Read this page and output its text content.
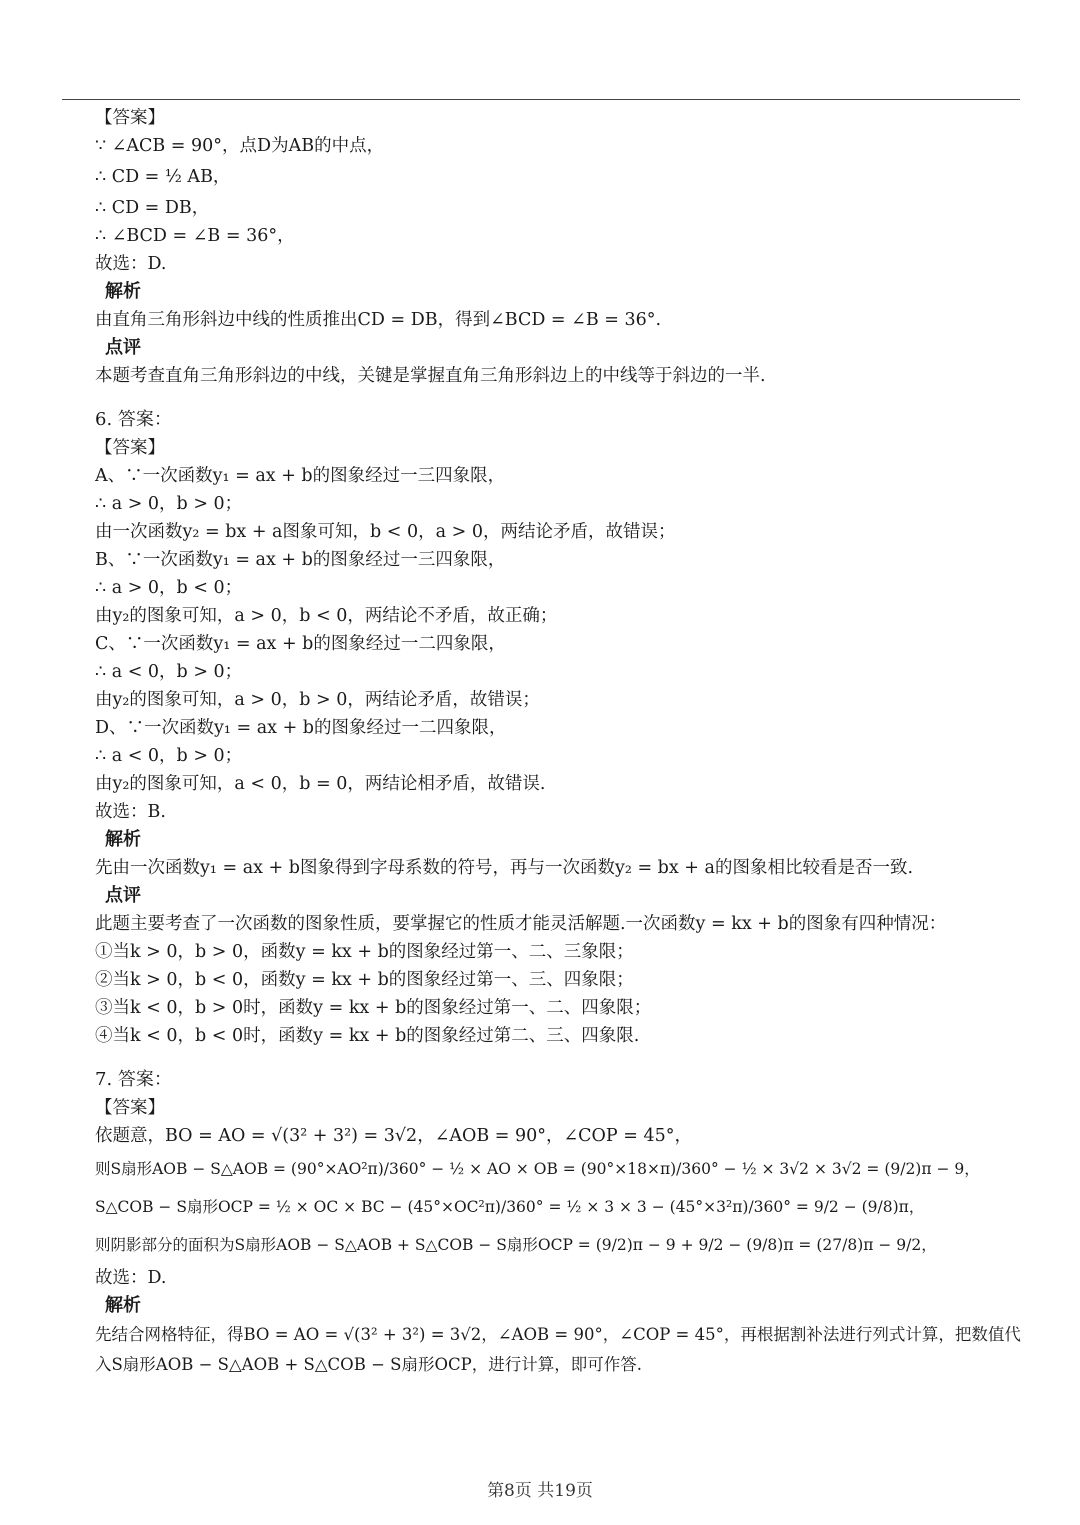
【答案】
∵ ∠ACB = 90°，点D为AB的中点，
∴ CD = ½ AB，
∴ CD = DB，
∴ ∠BCD = ∠B = 36°，
故选：D.
解析
由直角三角形斜边中线的性质推出CD = DB，得到∠BCD = ∠B = 36°.
点评
本题考查直角三角形斜边的中线，关键是掌握直角三角形斜边上的中线等于斜边的一半.
6. 答案：
【答案】
A、∵一次函数y₁ = ax + b的图象经过一三四象限，
∴ a > 0，b > 0；
由一次函数y₂ = bx + a图象可知，b < 0，a > 0，两结论矛盾，故错误；
B、∵一次函数y₁ = ax + b的图象经过一三四象限，
∴ a > 0，b < 0；
由y₂的图象可知，a > 0，b < 0，两结论不矛盾，故正确；
C、∵一次函数y₁ = ax + b的图象经过一二四象限，
∴ a < 0，b > 0；
由y₂的图象可知，a > 0，b > 0，两结论矛盾，故错误；
D、∵一次函数y₁ = ax + b的图象经过一二四象限，
∴ a < 0，b > 0；
由y₂的图象可知，a < 0，b = 0，两结论相矛盾，故错误.
故选：B.
解析
先由一次函数y₁ = ax + b图象得到字母系数的符号，再与一次函数y₂ = bx + a的图象相比较看是否一致.
点评
此题主要考查了一次函数的图象性质，要掌握它的性质才能灵活解题.一次函数y = kx + b的图象有四种情况：
①当k > 0，b > 0，函数y = kx + b的图象经过第一、二、三象限；
②当k > 0，b < 0，函数y = kx + b的图象经过第一、三、四象限；
③当k < 0，b > 0时，函数y = kx + b的图象经过第一、二、四象限；
④当k < 0，b < 0时，函数y = kx + b的图象经过第二、三、四象限.
7. 答案：
【答案】
依题意，BO = AO = √(3² + 3²) = 3√2，∠AOB = 90°，∠COP = 45°，
则S扇形AOB − S△AOB = (90°×AO²π)/360° − ½ × AO × OB = (90°×18×π)/360° − ½ × 3√2 × 3√2 = (9/2)π − 9，
S△COB − S扇形OCP = ½ × OC × BC − (45°×OC²π)/360° = ½ × 3 × 3 − (45°×3²π)/360° = 9/2 − (9/8)π，
则阴影部分的面积为S扇形AOB − S△AOB + S△COB − S扇形OCP = (9/2)π − 9 + 9/2 − (9/8)π = (27/8)π − 9/2，
故选：D.
解析
先结合网格特征，得BO = AO = √(3² + 3²) = 3√2，∠AOB = 90°，∠COP = 45°，再根据割补法进行列式计算，把数值代入S扇形AOB − S△AOB + S△COB − S扇形OCP，进行计算，即可作答.
第8页 共19页
